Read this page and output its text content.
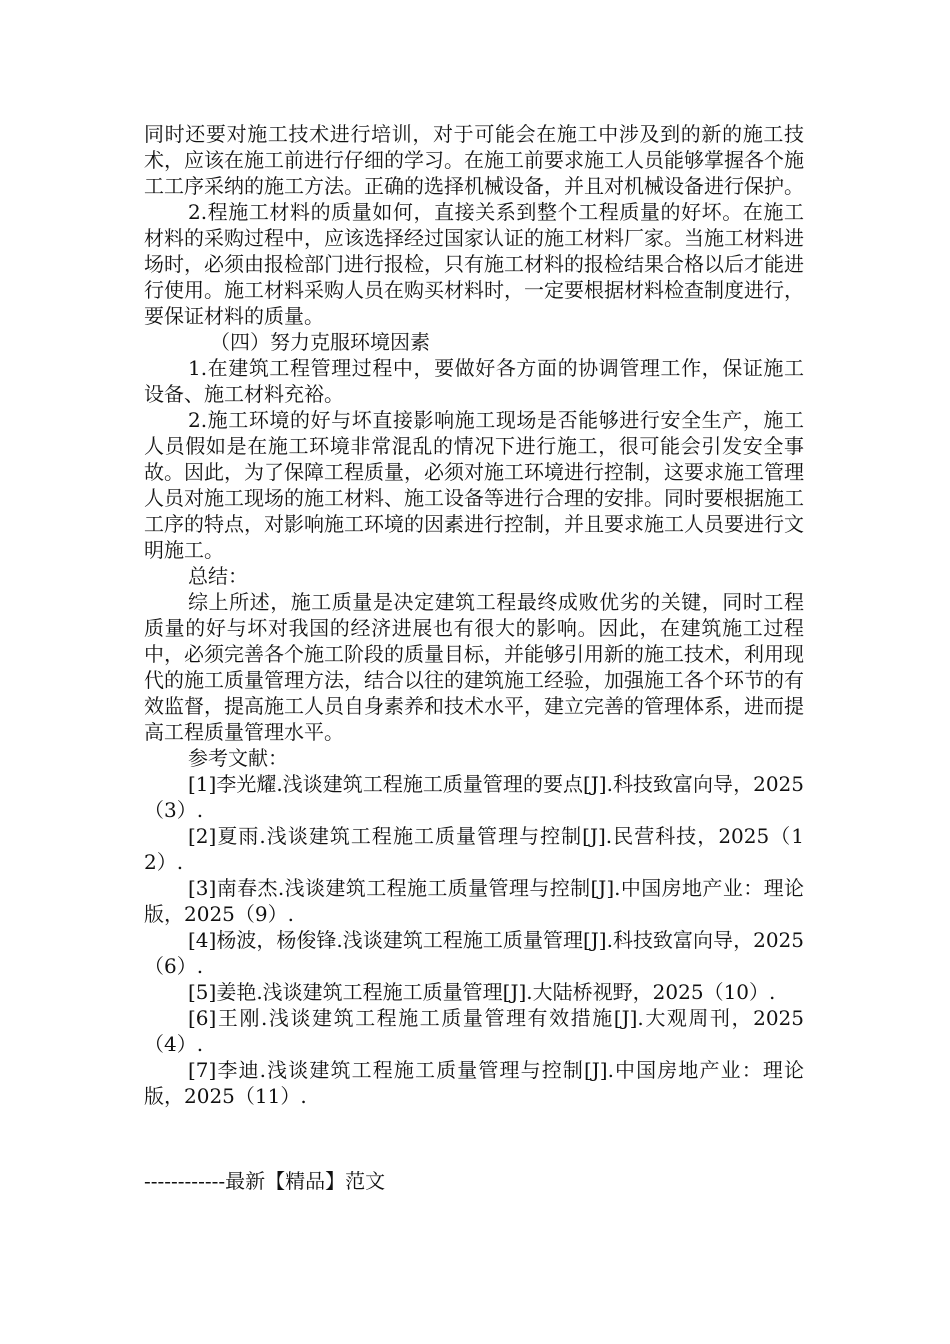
同时还要对施工技术进行培训，对于可能会在施工中涉及到的新的施工技术，应该在施工前进行仔细的学习。在施工前要求施工人员能够掌握各个施工工序采纳的施工方法。正确的选择机械设备，并且对机械设备进行保护。

2.程施工材料的质量如何，直接关系到整个工程质量的好坏。在施工材料的采购过程中，应该选择经过国家认证的施工材料厂家。当施工材料进场时，必须由报检部门进行报检，只有施工材料的报检结果合格以后才能进行使用。施工材料采购人员在购买材料时，一定要根据材料检查制度进行，要保证材料的质量。

（四）努力克服环境因素

1.在建筑工程管理过程中，要做好各方面的协调管理工作，保证施工设备、施工材料充裕。

2.施工环境的好与坏直接影响施工现场是否能够进行安全生产，施工人员假如是在施工环境非常混乱的情况下进行施工，很可能会引发安全事故。因此，为了保障工程质量，必须对施工环境进行控制，这要求施工管理人员对施工现场的施工材料、施工设备等进行合理的安排。同时要根据施工工序的特点，对影响施工环境的因素进行控制，并且要求施工人员要进行文明施工。

总结：

综上所述，施工质量是决定建筑工程最终成败优劣的关键，同时工程质量的好与坏对我国的经济进展也有很大的影响。因此，在建筑施工过程中，必须完善各个施工阶段的质量目标，并能够引用新的施工技术，利用现代的施工质量管理方法，结合以往的建筑施工经验，加强施工各个环节的有效监督，提高施工人员自身素养和技术水平，建立完善的管理体系，进而提高工程质量管理水平。

参考文献：

[1]李光耀.浅谈建筑工程施工质量管理的要点[J].科技致富向导，2025（3）.

[2]夏雨.浅谈建筑工程施工质量管理与控制[J].民营科技，2025（12）.

[3]南春杰.浅谈建筑工程施工质量管理与控制[J].中国房地产业：理论版，2025（9）.

[4]杨波，杨俊锋.浅谈建筑工程施工质量管理[J].科技致富向导，2025（6）.

[5]姜艳.浅谈建筑工程施工质量管理[J].大陆桥视野，2025（10）.

[6]王刚.浅谈建筑工程施工质量管理有效措施[J].大观周刊，2025（4）.

[7]李迪.浅谈建筑工程施工质量管理与控制[J].中国房地产业：理论版，2025（11）.

------------最新【精品】范文
